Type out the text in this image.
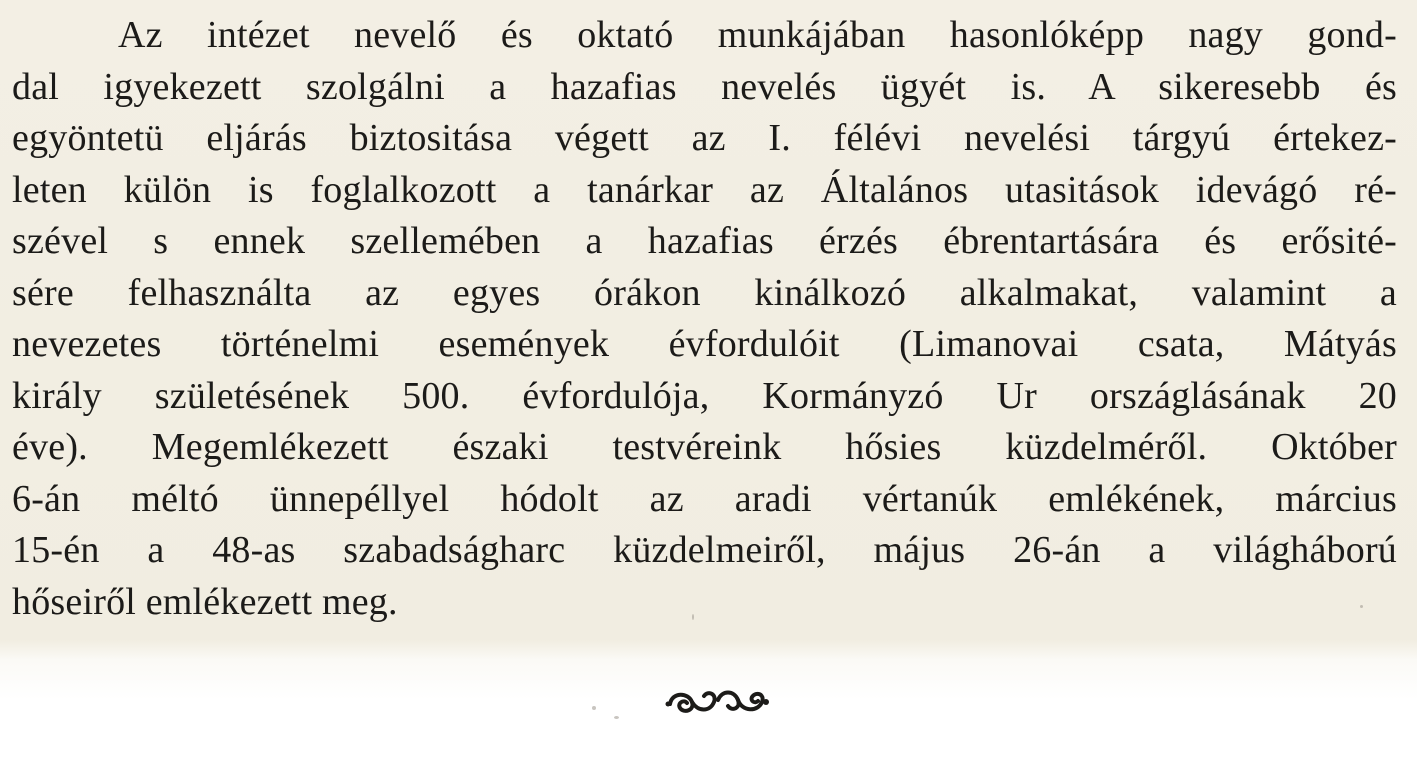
Az intézet nevelő és oktató munkájában hasonlóképp nagy gond-
dal igyekezett szolgálni a hazafias nevelés ügyét is. A sikeresebb és
egyöntetü eljárás biztositása végett az I. félévi nevelési tárgyú értekez-
leten külön is foglalkozott a tanárkar az Általános utasitások idevágó ré-
szével s ennek szellemében a hazafias érzés ébrentartására és erősité-
sére felhasználta az egyes órákon kinálkozó alkalmakat, valamint a
nevezetes történelmi események évfordulóit (Limanovai csata, Mátyás
király születésének 500. évfordulója, Kormányzó Ur országlásának 20
éve). Megemlékezett északi testvéreink hősies küzdelméről. Október
6-án méltó ünnepéllyel hódolt az aradi vértanúk emlékének, március
15-én a 48-as szabadságharc küzdelmeiről, május 26-án a világháború
hőseiről emlékezett meg.
